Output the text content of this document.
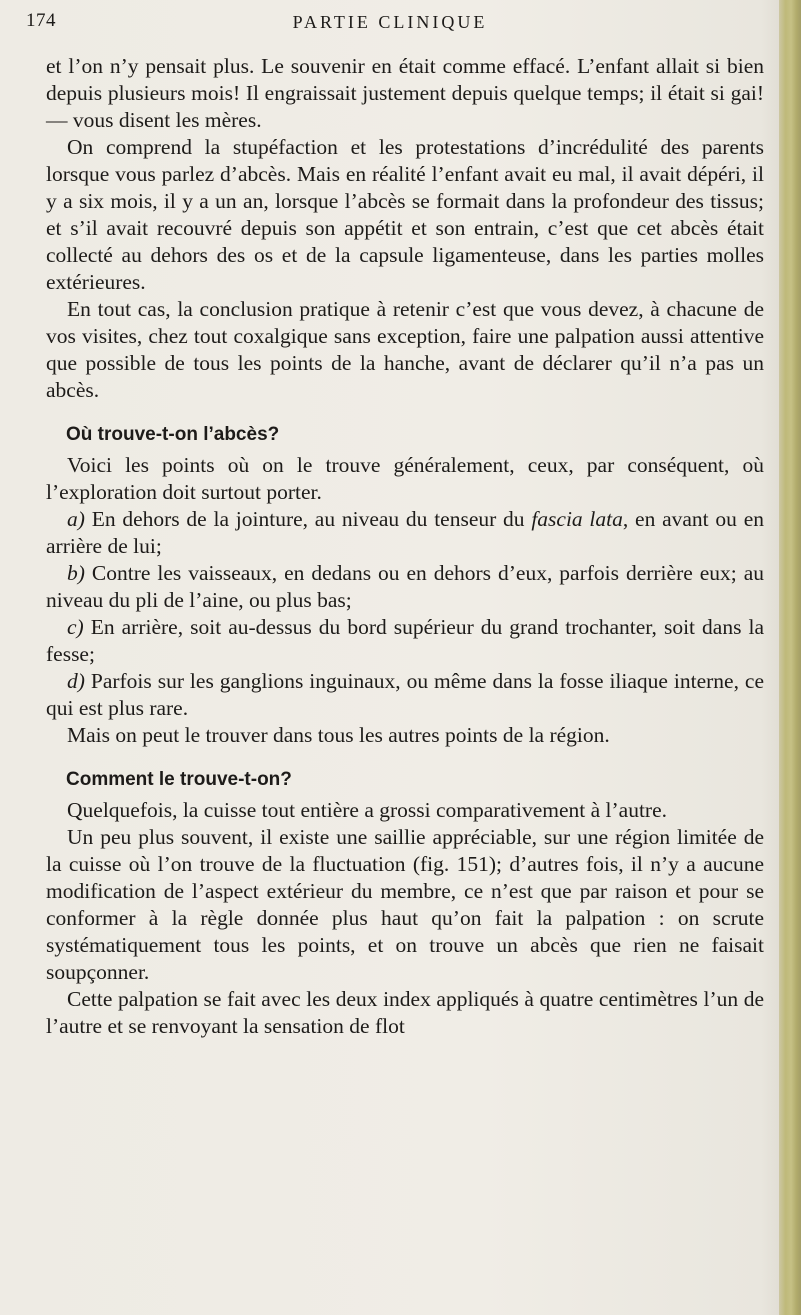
174	PARTIE CLINIQUE

et l’on n’y pensait plus. Le souvenir en était comme effacé. L’enfant allait si bien depuis plusieurs mois! Il engraissait justement depuis quelque temps; il était si gai! — vous disent les mères.

On comprend la stupéfaction et les protestations d’incrédulité des parents lorsque vous parlez d’abcès. Mais en réalité l’enfant avait eu mal, il avait dépéri, il y a six mois, il y a un an, lorsque l’abcès se formait dans la profondeur des tissus; et s’il avait recouvré depuis son appétit et son entrain, c’est que cet abcès était collecté au dehors des os et de la capsule ligamenteuse, dans les parties molles extérieures.

En tout cas, la conclusion pratique à retenir c’est que vous devez, à chacune de vos visites, chez tout coxalgique sans exception, faire une palpation aussi attentive que possible de tous les points de la hanche, avant de déclarer qu’il n’a pas un abcès.

Où trouve-t-on l’abcès?

Voici les points où on le trouve généralement, ceux, par conséquent, où l’exploration doit surtout porter.

a) En dehors de la jointure, au niveau du tenseur du fascia lata, en avant ou en arrière de lui;

b) Contre les vaisseaux, en dedans ou en dehors d’eux, parfois derrière eux; au niveau du pli de l’aine, ou plus bas;

c) En arrière, soit au-dessus du bord supérieur du grand trochanter, soit dans la fesse;

d) Parfois sur les ganglions inguinaux, ou même dans la fosse iliaque interne, ce qui est plus rare.

Mais on peut le trouver dans tous les autres points de la région.

Comment le trouve-t-on?

Quelquefois, la cuisse tout entière a grossi comparativement à l’autre.

Un peu plus souvent, il existe une saillie appréciable, sur une région limitée de la cuisse où l’on trouve de la fluctuation (fig. 151); d’autres fois, il n’y a aucune modification de l’aspect extérieur du membre, ce n’est que par raison et pour se conformer à la règle donnée plus haut qu’on fait la palpation : on scrute systématiquement tous les points, et on trouve un abcès que rien ne faisait soupçonner.

Cette palpation se fait avec les deux index appliqués à quatre centimètres l’un de l’autre et se renvoyant la sensation de flot
